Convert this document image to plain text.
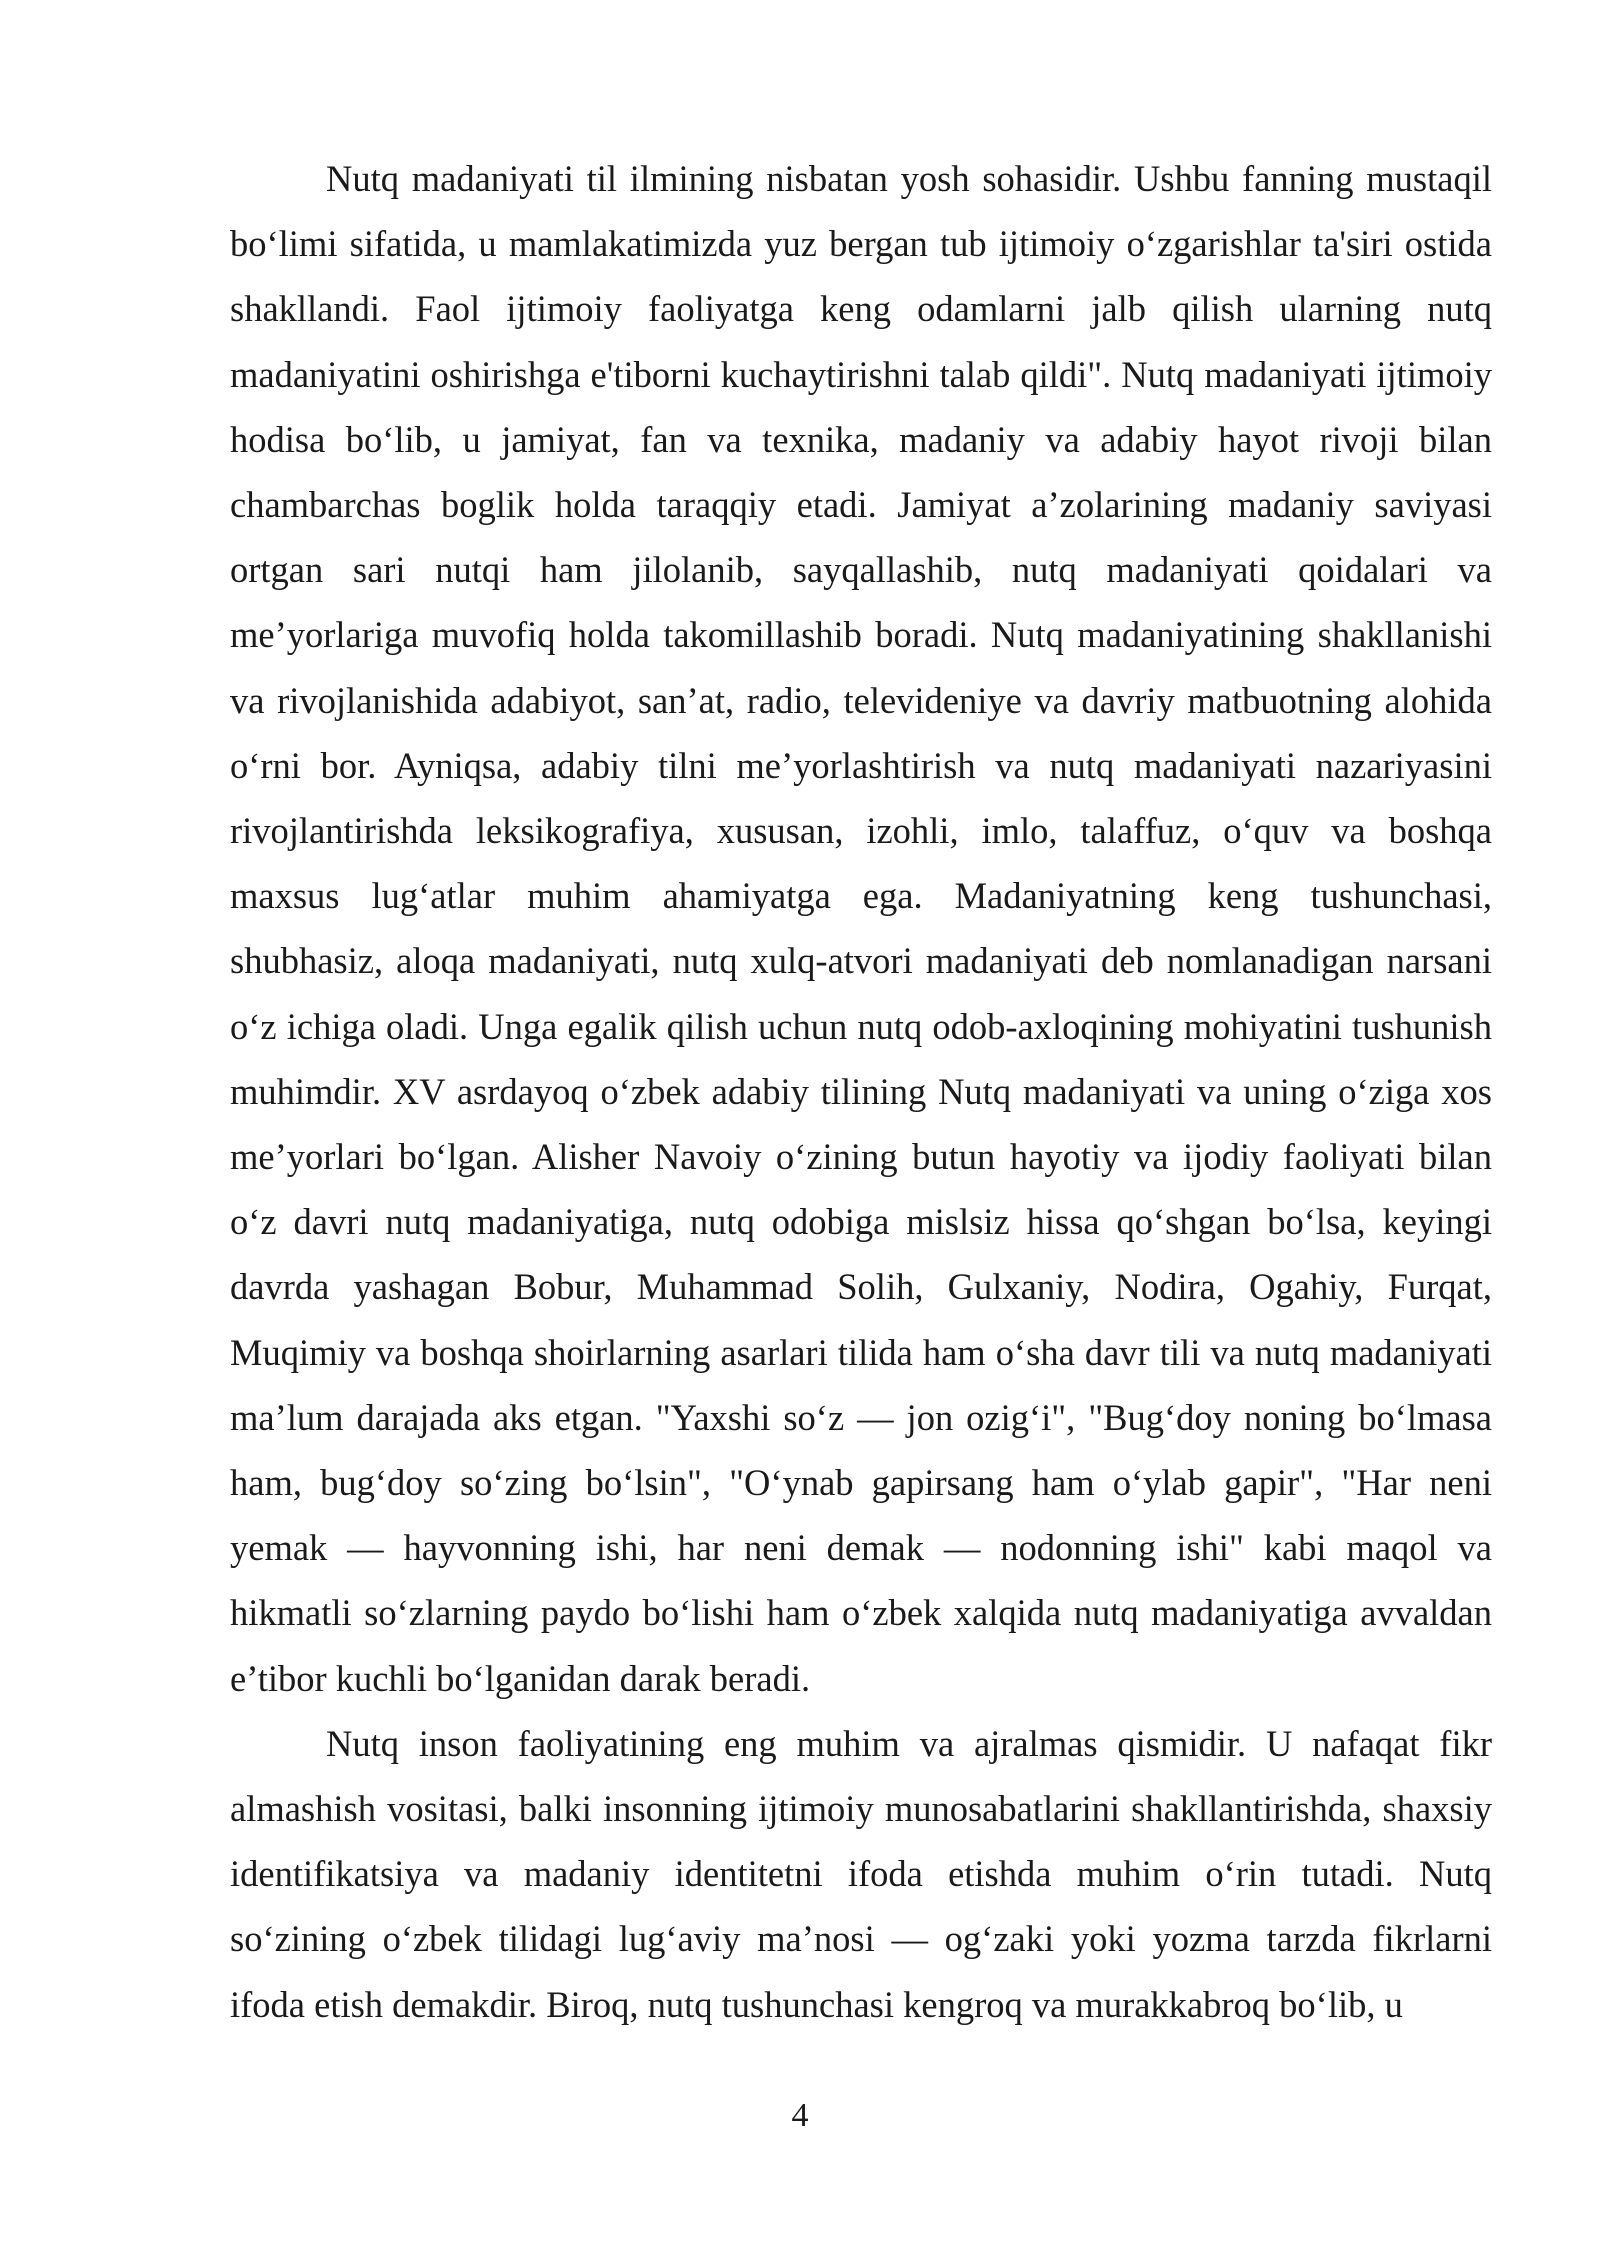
Nutq madaniyati til ilmining nisbatan yosh sohasidir. Ushbu fanning mustaqil bo‘limi sifatida, u mamlakatimizda yuz bergan tub ijtimoiy o‘zgarishlar ta'siri ostida shakllandi. Faol ijtimoiy faoliyatga keng odamlarni jalb qilish ularning nutq madaniyatini oshirishga e'tiborni kuchaytirishni talab qildi". Nutq madaniyati ijtimoiy hodisa bo‘lib, u jamiyat, fan va texnika, madaniy va adabiy hayot rivoji bilan chambarchas boglik holda taraqqiy etadi. Jamiyat a’zolarining madaniy saviyasi ortgan sari nutqi ham jilolanib, sayqallashib, nutq madaniyati qoidalari va me’yorlariga muvofiq holda takomillashib boradi. Nutq madaniyatining shakllanishi va rivojlanishida adabiyot, san’at, radio, televideniye va davriy matbuotning alohida o‘rni bor. Ayniqsa, adabiy tilni me’yorlashtirish va nutq madaniyati nazariyasini rivojlantirishda leksikografiya, xususan, izohli, imlo, talaffuz, o‘quv va boshqa maxsus lug‘atlar muhim ahamiyatga ega. Madaniyatning keng tushunchasi, shubhasiz, aloqa madaniyati, nutq xulq-atvori madaniyati deb nomlanadigan narsani o‘z ichiga oladi. Unga egalik qilish uchun nutq odob-axloqining mohiyatini tushunish muhimdir. XV asrdayoq o‘zbek adabiy tilining Nutq madaniyati va uning o‘ziga xos me’yorlari bo‘lgan. Alisher Navoiy o‘zining butun hayotiy va ijodiy faoliyati bilan o‘z davri nutq madaniyatiga, nutq odobiga mislsiz hissa qo‘shgan bo‘lsa, keyingi davrda yashagan Bobur, Muhammad Solih, Gulxaniy, Nodira, Ogahiy, Furqat, Muqimiy va boshqa shoirlarning asarlari tilida ham o‘sha davr tili va nutq madaniyati ma’lum darajada aks etgan. "Yaxshi so‘z — jon ozig‘i", "Bug‘doy noning bo‘lmasa ham, bug‘doy so‘zing bo‘lsin", "O‘ynab gapirsang ham o‘ylab gapir", "Har neni yemak — hayvonning ishi, har neni demak — nodonning ishi" kabi maqol va hikmatli so‘zlarning paydo bo‘lishi ham o‘zbek xalqida nutq madaniyatiga avvaldan e’tibor kuchli bo‘lganidan darak beradi.

Nutq inson faoliyatining eng muhim va ajralmas qismidir. U nafaqat fikr almashish vositasi, balki insonning ijtimoiy munosabatlarini shakllantirishda, shaxsiy identifikatsiya va madaniy identitetni ifoda etishda muhim o‘rin tutadi. Nutq so‘zining o‘zbek tilidagi lug‘aviy ma’nosi — og‘zaki yoki yozma tarzda fikrlarni ifoda etish demakdir. Biroq, nutq tushunchasi kengroq va murakkabroq bo‘lib, u

4
